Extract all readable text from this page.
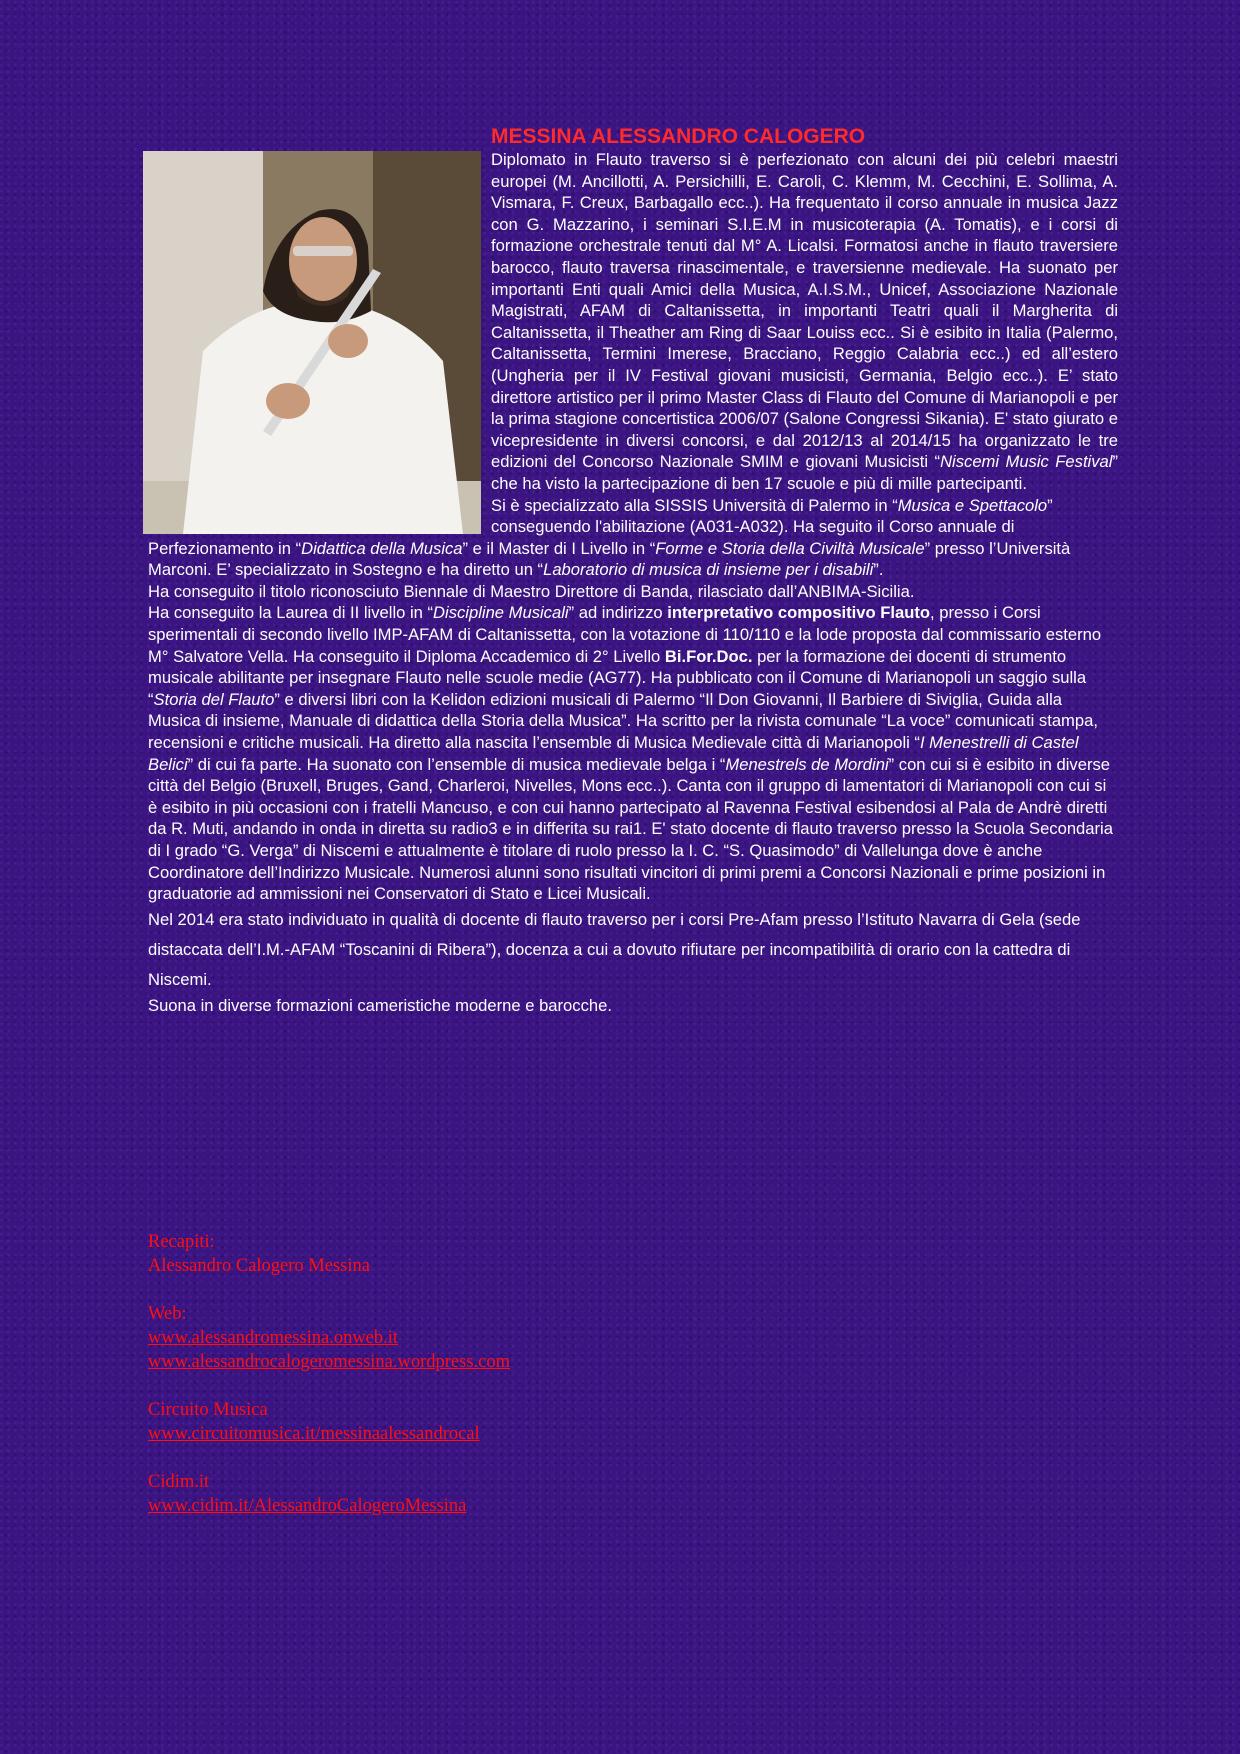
MESSINA ALESSANDRO CALOGERO

Diplomato in Flauto traverso si è perfezionato con alcuni dei più celebri maestri europei (M. Ancillotti, A. Persichilli, E. Caroli, C. Klemm, M. Cecchini, E. Sollima, A. Vismara, F. Creux, Barbagallo ecc..). Ha frequentato il corso annuale in musica Jazz con G. Mazzarino, i seminari S.I.E.M in musicoterapia (A. Tomatis), e i corsi di formazione orchestrale tenuti dal M° A. Licalsi. Formatosi anche in flauto traversiere barocco, flauto traversa rinascimentale, e traversienne medievale. Ha suonato per importanti Enti quali Amici della Musica, A.I.S.M., Unicef, Associazione Nazionale Magistrati, AFAM di Caltanissetta, in importanti Teatri quali il Margherita di Caltanissetta, il Theather am Ring di Saar Louiss ecc.. Si è esibito in Italia (Palermo, Caltanissetta, Termini Imerese, Bracciano, Reggio Calabria ecc..) ed all’estero (Ungheria per il IV Festival giovani musicisti, Germania, Belgio ecc..). E’ stato direttore artistico per il primo Master Class di Flauto del Comune di Marianopoli e per la prima stagione concertistica 2006/07 (Salone Congressi Sikania). E' stato giurato e vicepresidente in diversi concorsi, e dal 2012/13 al 2014/15 ha organizzato le tre edizioni del Concorso Nazionale SMIM e giovani Musicisti “Niscemi Music Festival” che ha visto la partecipazione di ben 17 scuole e più di mille partecipanti.

Si è specializzato alla SISSIS Università di Palermo in “Musica e Spettacolo” conseguendo l'abilitazione (A031-A032). Ha seguito il Corso annuale di Perfezionamento in “Didattica della Musica” e il Master di I Livello in “Forme e Storia della Civiltà Musicale” presso l’Università Marconi. E’ specializzato in Sostegno e ha diretto un “Laboratorio di musica di insieme per i disabili”.

Ha conseguito il titolo riconosciuto Biennale di Maestro Direttore di Banda, rilasciato dall’ANBIMA-Sicilia.

Ha conseguito la Laurea di II livello in “Discipline Musicali” ad indirizzo interpretativo compositivo Flauto, presso i Corsi sperimentali di secondo livello IMP-AFAM di Caltanissetta, con la votazione di 110/110 e la lode proposta dal commissario esterno M° Salvatore Vella. Ha conseguito il Diploma Accademico di 2° Livello Bi.For.Doc. per la formazione dei docenti di strumento musicale abilitante per insegnare Flauto nelle scuole medie (AG77). Ha pubblicato con il Comune di Marianopoli un saggio sulla “Storia del Flauto” e diversi libri con la Kelidon edizioni musicali di Palermo “Il Don Giovanni, Il Barbiere di Siviglia, Guida alla Musica di insieme, Manuale di didattica della Storia della Musica”. Ha scritto per la rivista comunale “La voce” comunicati stampa, recensioni e critiche musicali. Ha diretto alla nascita l’ensemble di Musica Medievale città di Marianopoli “I Menestrelli di Castel Belici” di cui fa parte. Ha suonato con l’ensemble di musica medievale belga i “Menestrels de Mordini” con cui si è esibito in diverse città del Belgio (Bruxell, Bruges, Gand, Charleroi, Nivelles, Mons ecc..). Canta con il gruppo di lamentatori di Marianopoli con cui si è esibito in più occasioni con i fratelli Mancuso, e con cui hanno partecipato al Ravenna Festival esibendosi al Pala de Andrè diretti da R. Muti, andando in onda in diretta su radio3 e in differita su rai1. E' stato docente di flauto traverso presso la Scuola Secondaria di I grado “G. Verga” di Niscemi e attualmente è titolare di ruolo presso la I. C. “S. Quasimodo” di Vallelunga dove è anche Coordinatore dell’Indirizzo Musicale. Numerosi alunni sono risultati vincitori di primi premi a Concorsi Nazionali e prime posizioni in graduatorie ad ammissioni nei Conservatori di Stato e Licei Musicali.

Nel 2014 era stato individuato in qualità di docente di flauto traverso per i corsi Pre-Afam presso l’Istituto Navarra di Gela (sede distaccata dell’I.M.-AFAM “Toscanini di Ribera”), docenza a cui a dovuto rifiutare per incompatibilità di orario con la cattedra di Niscemi.

Suona in diverse formazioni cameristiche moderne e barocche.

Recapiti:
Alessandro Calogero Messina
Web:
www.alessandromessina.onweb.it
www.alessandrocalogeromessina.wordpress.com
Circuito Musica
www.circuitomusica.it/messinaalessandrocal
Cidim.it
www.cidim.it/AlessandroCalogeroMessina
